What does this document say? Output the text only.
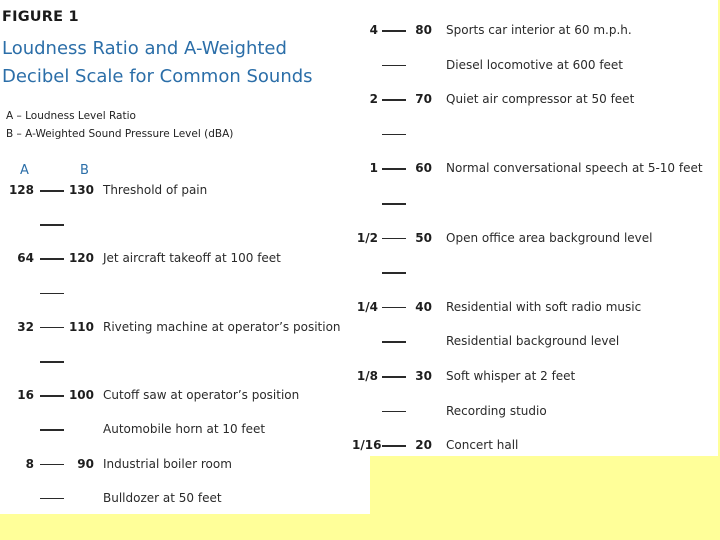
FIGURE 1
Loudness Ratio and A-Weighted
Decibel Scale for Common Sounds
A – Loudness Level Ratio
B – A-Weighted Sound Pressure Level (dBA)
A	B
128	130 Threshold of pain
64	120 Jet aircraft takeoff at 100 feet
32	110 Riveting machine at operator’s position
16	100 Cutoff saw at operator’s position
Automobile horn at 10 feet
8	90 Industrial boiler room
Bulldozer at 50 feet
4	80 Sports car interior at 60 m.p.h.
Diesel locomotive at 600 feet
2	70 Quiet air compressor at 50 feet
1	60 Normal conversational speech at 5-10 feet
1/2	50 Open office area background level
1/4	40 Residential with soft radio music
Residential background level
1/8	30 Soft whisper at 2 feet
Recording studio
1/16	20 Concert hall
